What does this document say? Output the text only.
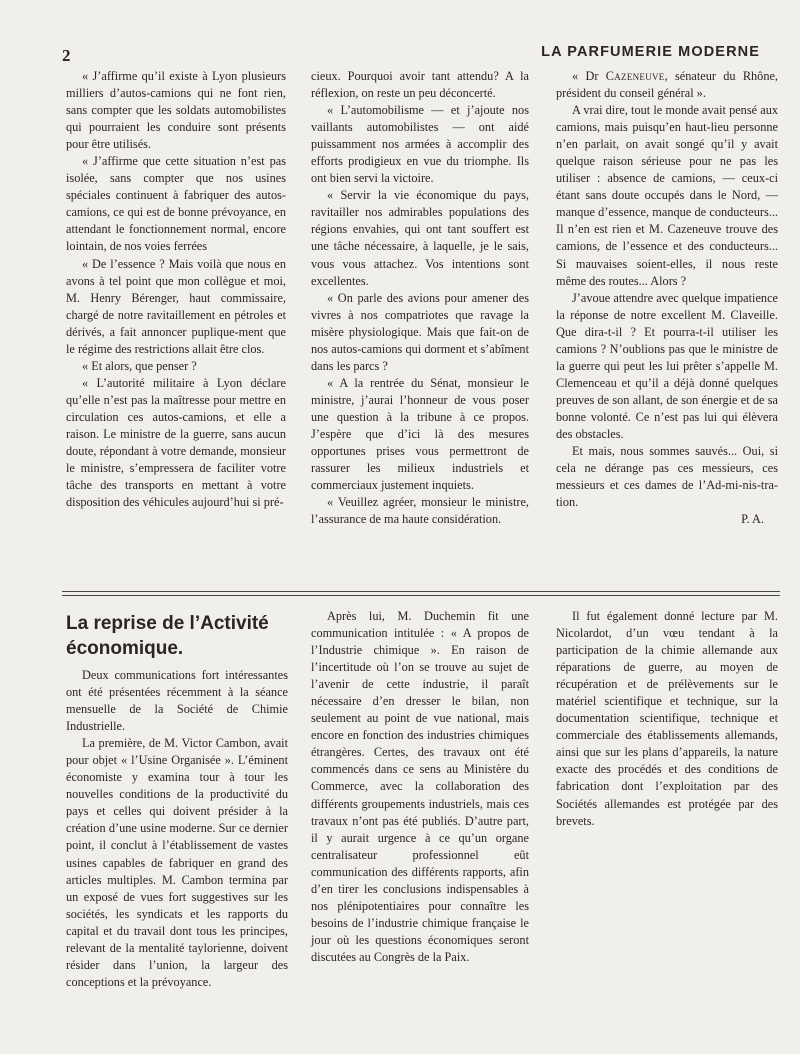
2	LA PARFUMERIE MODERNE

« J’affirme qu’il existe à Lyon plusieurs milliers d’autos-camions qui ne font rien, sans compter que les soldats automobilistes qui pourraient les conduire sont présents pour être utilisés.

« J’affirme que cette situation n’est pas isolée, sans compter que nos usines spéciales continuent à fabriquer des autos-camions, ce qui est de bonne prévoyance, en attendant le fonctionnement normal, encore lointain, de nos voies ferrées

« De l’essence ? Mais voilà que nous en avons à tel point que mon collègue et moi, M. Henry Bérenger, haut commissaire, chargé de notre ravitaillement en pétroles et dérivés, a fait annoncer puplique-ment que le régime des restrictions allait être clos.

« Et alors, que penser ?

« L’autorité militaire à Lyon déclare qu’elle n’est pas la maîtresse pour mettre en circulation ces autos-camions, et elle a raison. Le ministre de la guerre, sans aucun doute, répondant à votre demande, monsieur le ministre, s’empressera de faciliter votre tâche des transports en mettant à votre disposition des véhicules aujourd’hui si pré-

cieux. Pourquoi avoir tant attendu? A la réflexion, on reste un peu déconcerté.

« L’automobilisme — et j’ajoute nos vaillants automobilistes — ont aidé puissamment nos armées à accomplir des efforts prodigieux en vue du triomphe. Ils ont bien servi la victoire.

« Servir la vie économique du pays, ravitailler nos admirables populations des régions envahies, qui ont tant souffert est une tâche nécessaire, à laquelle, je le sais, vous vous attachez. Vos intentions sont excellentes.

« On parle des avions pour amener des vivres à nos compatriotes que ravage la misère physiologique. Mais que fait-on de nos autos-camions qui dorment et s’abîment dans les parcs ?

« A la rentrée du Sénat, monsieur le ministre, j’aurai l’honneur de vous poser une question à la tribune à ce propos. J’espère que d’ici là des mesures opportunes prises vous permettront de rassurer les milieux industriels et commerciaux justement inquiets.

« Veuillez agréer, monsieur le ministre, l’assurance de ma haute considération.

« Dr Cazeneuve, sénateur du Rhône, président du conseil général ».

A vrai dire, tout le monde avait pensé aux camions, mais puisqu’en haut-lieu personne n’en parlait, on avait songé qu’il y avait quelque raison sérieuse pour ne pas les utiliser : absence de camions, — ceux-ci étant sans doute occupés dans le Nord, — manque d’essence, manque de conducteurs... Il n’en est rien et M. Cazeneuve trouve des camions, de l’essence et des conducteurs... Si mauvaises soient-elles, il nous reste même des routes... Alors ?

J’avoue attendre avec quelque impatience la réponse de notre excellent M. Claveille. Que dira-t-il ? Et pourra-t-il utiliser les camions ? N’oublions pas que le ministre de la guerre qui peut les lui prêter s’appelle M. Clemenceau et qu’il a déjà donné quelques preuves de son allant, de son énergie et de sa bonne volonté. Ce n’est pas lui qui élèvera des obstacles.

Et mais, nous sommes sauvés... Oui, si cela ne dérange pas ces messieurs, ces messieurs et ces dames de l’Ad-mi-nis-tra-tion.

P. A.

La reprise de l’Activité économique.

Deux communications fort intéressantes ont été présentées récemment à la séance mensuelle de la Société de Chimie Industrielle.

La première, de M. Victor Cambon, avait pour objet « l’Usine Organisée ». L’éminent économiste y examina tour à tour les nouvelles conditions de la productivité du pays et celles qui doivent présider à la création d’une usine moderne. Sur ce dernier point, il conclut à l’établissement de vastes usines capables de fabriquer en grand des articles multiples. M. Cambon termina par un exposé de vues fort suggestives sur les sociétés, les syndicats et les rapports du capital et du travail dont tous les principes, relevant de la mentalité taylorienne, doivent résider dans l’union, la largeur des conceptions et la prévoyance.

Après lui, M. Duchemin fit une communication intitulée : « A propos de l’Industrie chimique ». En raison de l’incertitude où l’on se trouve au sujet de l’avenir de cette industrie, il paraît nécessaire d’en dresser le bilan, non seulement au point de vue national, mais encore en fonction des industries chimiques étrangères. Certes, des travaux ont été commencés dans ce sens au Ministère du Commerce, avec la collaboration des différents groupements industriels, mais ces travaux n’ont pas été publiés. D’autre part, il y aurait urgence à ce qu’un organe centralisateur professionnel eût communication des différents rapports, afin d’en tirer les conclusions indispensables à nos plénipotentiaires pour connaître les besoins de l’industrie chimique française le jour où les questions économiques seront discutées au Congrès de la Paix.

Il fut également donné lecture par M. Nicolardot, d’un vœu tendant à la participation de la chimie allemande aux réparations de guerre, au moyen de récupération et de prélèvements sur le matériel scientifique et technique, sur la documentation scientifique, technique et commerciale des établissements allemands, ainsi que sur les plans d’appareils, la nature exacte des procédés et des conditions de fabrication dont l’exploitation par des Sociétés allemandes est protégée par des brevets.
